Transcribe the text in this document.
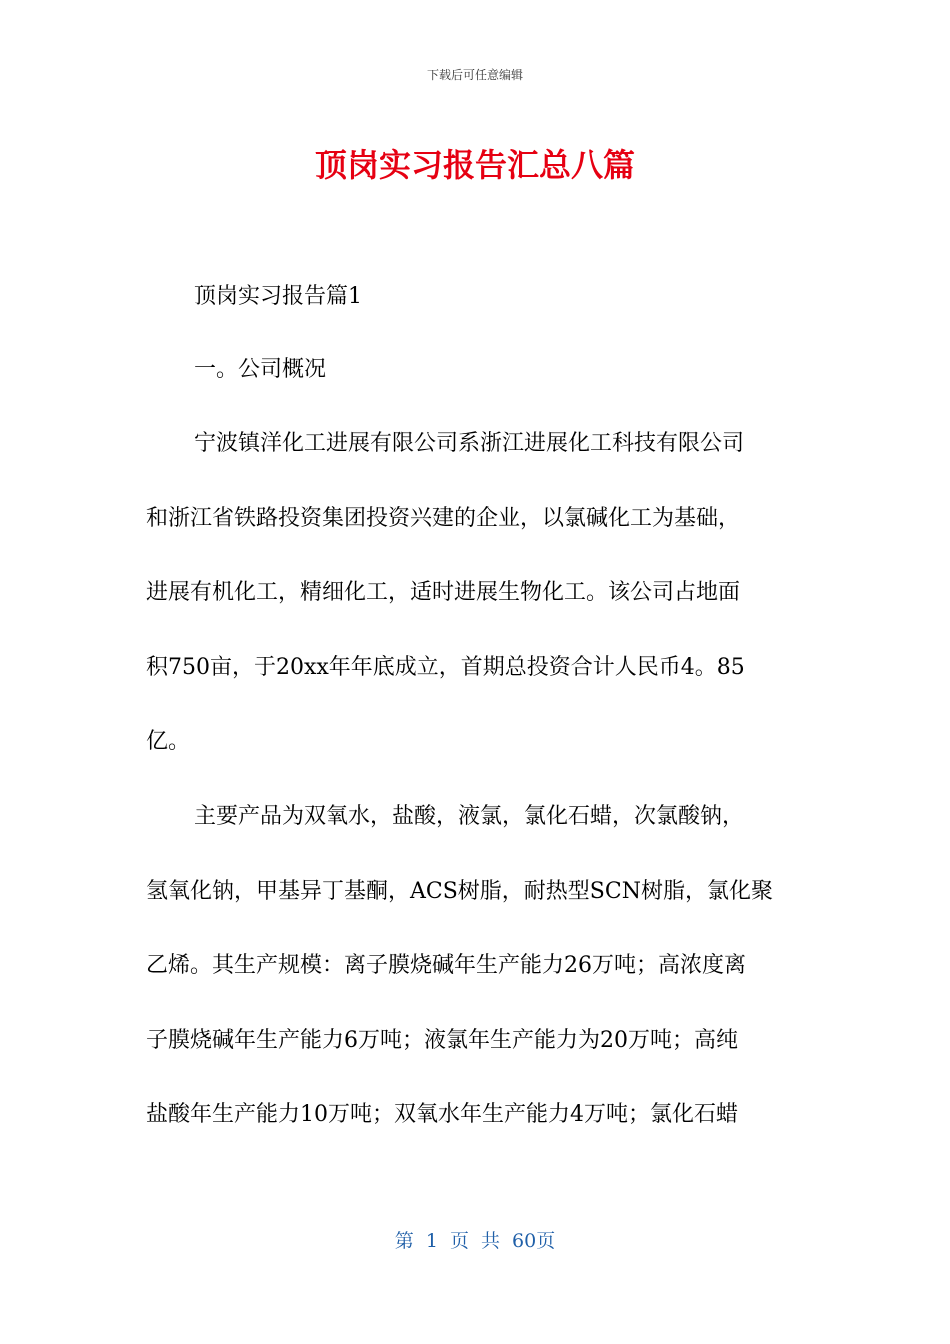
下载后可任意编辑
顶岗实习报告汇总八篇
顶岗实习报告篇1
一。公司概况
宁波镇洋化工进展有限公司系浙江进展化工科技有限公司
和浙江省铁路投资集团投资兴建的企业，以氯碱化工为基础，
进展有机化工，精细化工，适时进展生物化工。该公司占地面
积750亩，于20xx年年底成立，首期总投资合计人民币4。85
亿。
主要产品为双氧水，盐酸，液氯，氯化石蜡，次氯酸钠，
氢氧化钠，甲基异丁基酮，ACS树脂，耐热型SCN树脂，氯化聚
乙烯。其生产规模：离子膜烧碱年生产能力26万吨；高浓度离
子膜烧碱年生产能力6万吨；液氯年生产能力为20万吨；高纯
盐酸年生产能力10万吨；双氧水年生产能力4万吨；氯化石蜡
第 1 页 共 60页
